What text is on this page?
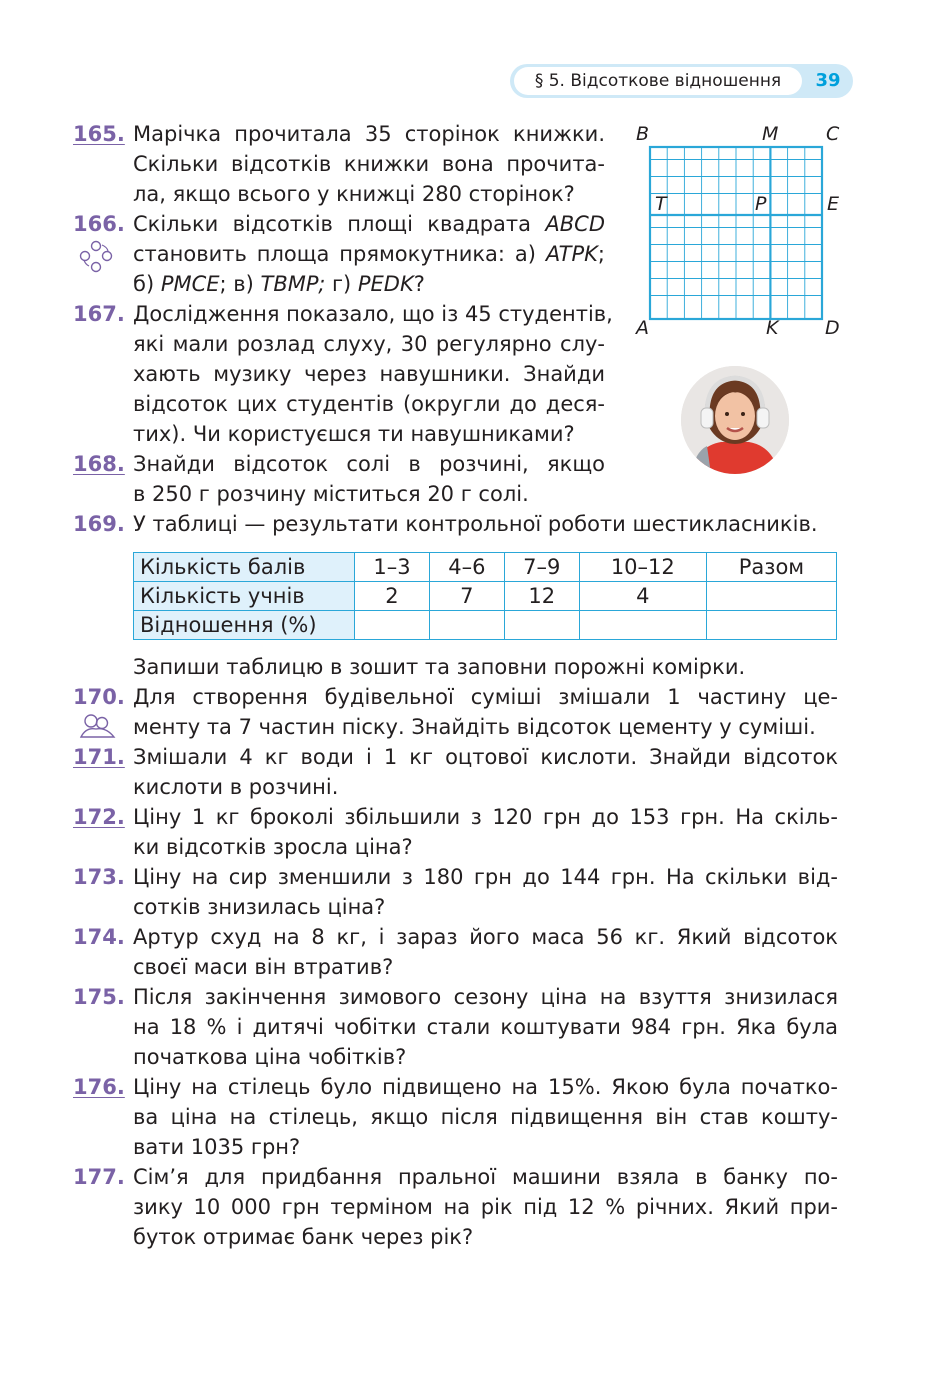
§ 5. Відсоткове відношення	39
165. Марічка прочитала 35 сторінок книжки.
Скільки відсотків книжки вона прочита-
ла, якщо всього у книжці 280 сторінок?
166. Скільки відсотків площі квадрата ABCD
становить площа прямокутника: а) ATPK;
б) PMCE; в) TBMP; г) PEDK?
167. Дослідження показало, що із 45 студентів,
які мали розлад слуху, 30 регулярно слу-
хають музику через навушники. Знайди
відсоток цих студентів (округли до деся-
тих). Чи користуєшся ти навушниками?
168. Знайди відсоток солі в розчині, якщо
в 250 г розчину міститься 20 г солі.
B	M	C
T	P	E
A	K D
169. У таблиці — результати контрольної роботи шестикласників.
Кількість балів	1–3	4–6	7–9	10–12	Разом
Кількість учнів	2	7	12	4	
Відношення (%)					
Запиши таблицю в зошит та заповни порожні комірки.
170. Для створення будівельної суміші змішали 1 частину це-
менту та 7 частин піску. Знайдіть відсоток цементу у суміші.
171. Змішали 4 кг води і 1 кг оцтової кислоти. Знайди відсоток
кислоти в розчині.
172. Ціну 1 кг броколі збільшили з 120 грн до 153 грн. На скіль-
ки відсотків зросла ціна?
173. Ціну на сир зменшили з 180 грн до 144 грн. На скільки від-
сотків знизилась ціна?
174. Артур схуд на 8 кг, і зараз його маса 56 кг. Який відсоток
своєї маси він втратив?
175. Після закінчення зимового сезону ціна на взуття знизилася
на 18 % і дитячі чобітки стали коштувати 984 грн. Яка була
початкова ціна чобітків?
176. Ціну на стілець було підвищено на 15%. Якою була початко-
ва ціна на стілець, якщо після підвищення він став кошту-
вати 1035 грн?
177. Сім’я для придбання пральної машини взяла в банку по-
зику 10 000 грн терміном на рік під 12 % річних. Який при-
буток отримає банк через рік?
